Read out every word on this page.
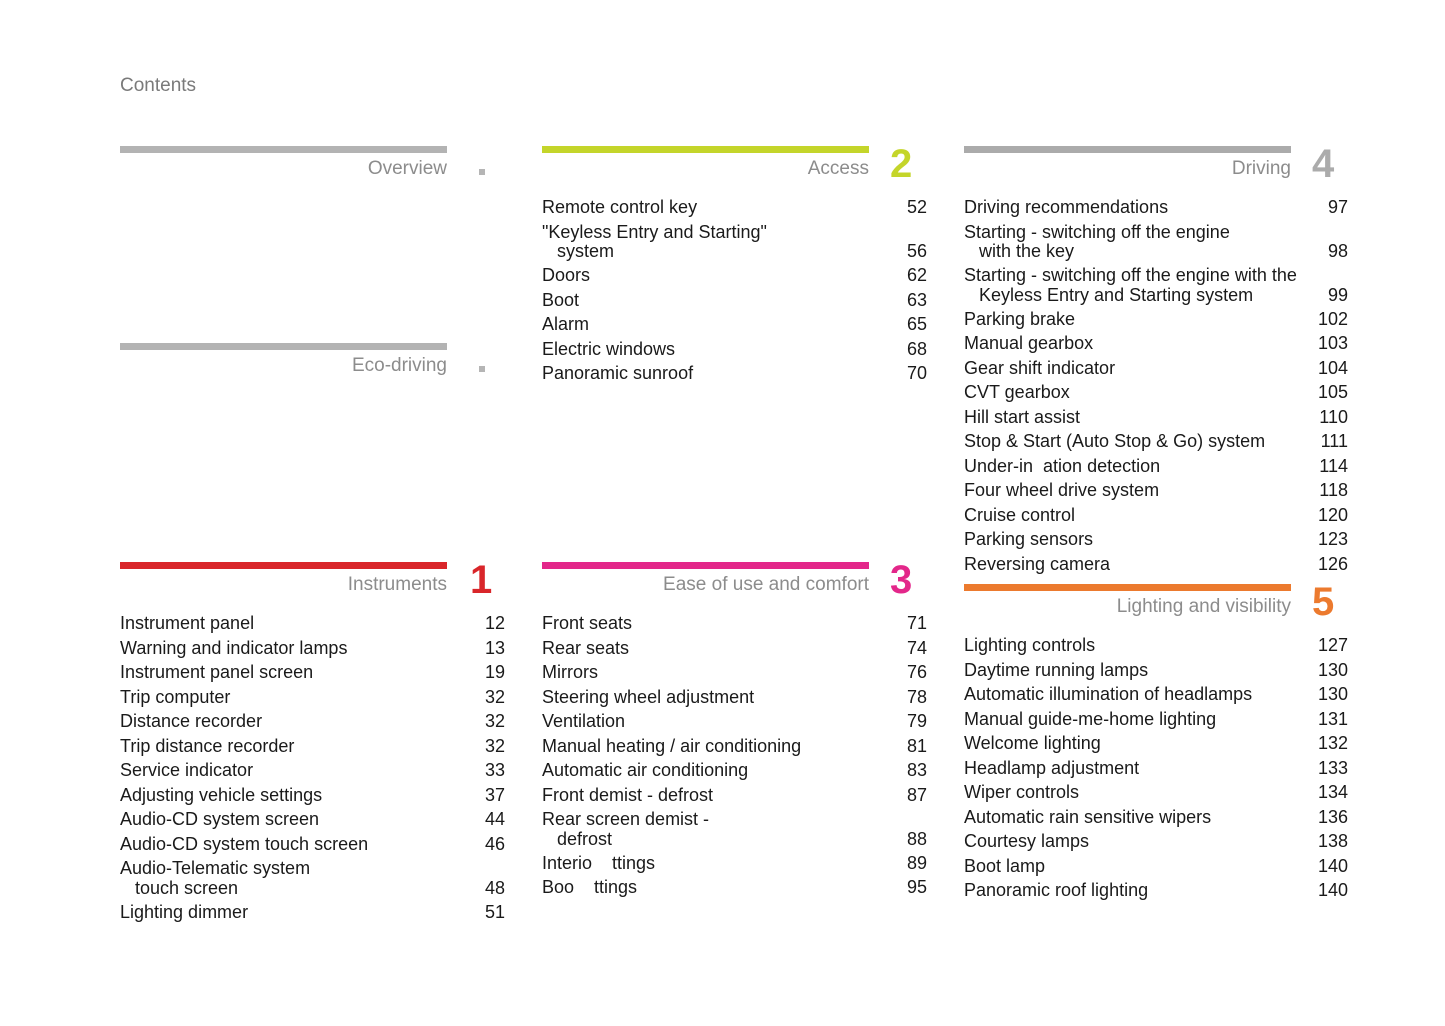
Contents
Overview
Eco-driving
Instruments 1
Instrument panel	12
Warning and indicator lamps	13
Instrument panel screen	19
Trip computer	32
Distance recorder	32
Trip distance recorder	32
Service indicator	33
Adjusting vehicle settings	37
Audio-CD system screen	44
Audio-CD system touch screen	46
Audio-Telematic system
touch screen	48
Lighting dimmer	51
Access 2
Remote control key	52
"Keyless Entry and Starting"
system	56
Doors	62
Boot	63
Alarm	65
Electric windows	68
Panoramic sunroof	70
Ease of use and comfort 3
Front seats	71
Rear seats	74
Mirrors	76
Steering wheel adjustment	78
Ventilation	79
Manual heating / air conditioning	81
Automatic air conditioning	83
Front demist - defrost	87
Rear screen demist -
defrost	88
Interio    ttings	89
Boo    ttings	95
Driving 4
Driving recommendations	97
Starting - switching off the engine
with the key	98
Starting - switching off the engine with the
Keyless Entry and Starting system	99
Parking brake	102
Manual gearbox	103
Gear shift indicator	104
CVT gearbox	105
Hill start assist	110
Stop & Start (Auto Stop & Go) system	111
Under-in  ation detection	114
Four wheel drive system	118
Cruise control	120
Parking sensors	123
Reversing camera	126
Lighting and visibility 5
Lighting controls	127
Daytime running lamps	130
Automatic illumination of headlamps	130
Manual guide-me-home lighting	131
Welcome lighting	132
Headlamp adjustment	133
Wiper controls	134
Automatic rain sensitive wipers	136
Courtesy lamps	138
Boot lamp	140
Panoramic roof lighting	140
